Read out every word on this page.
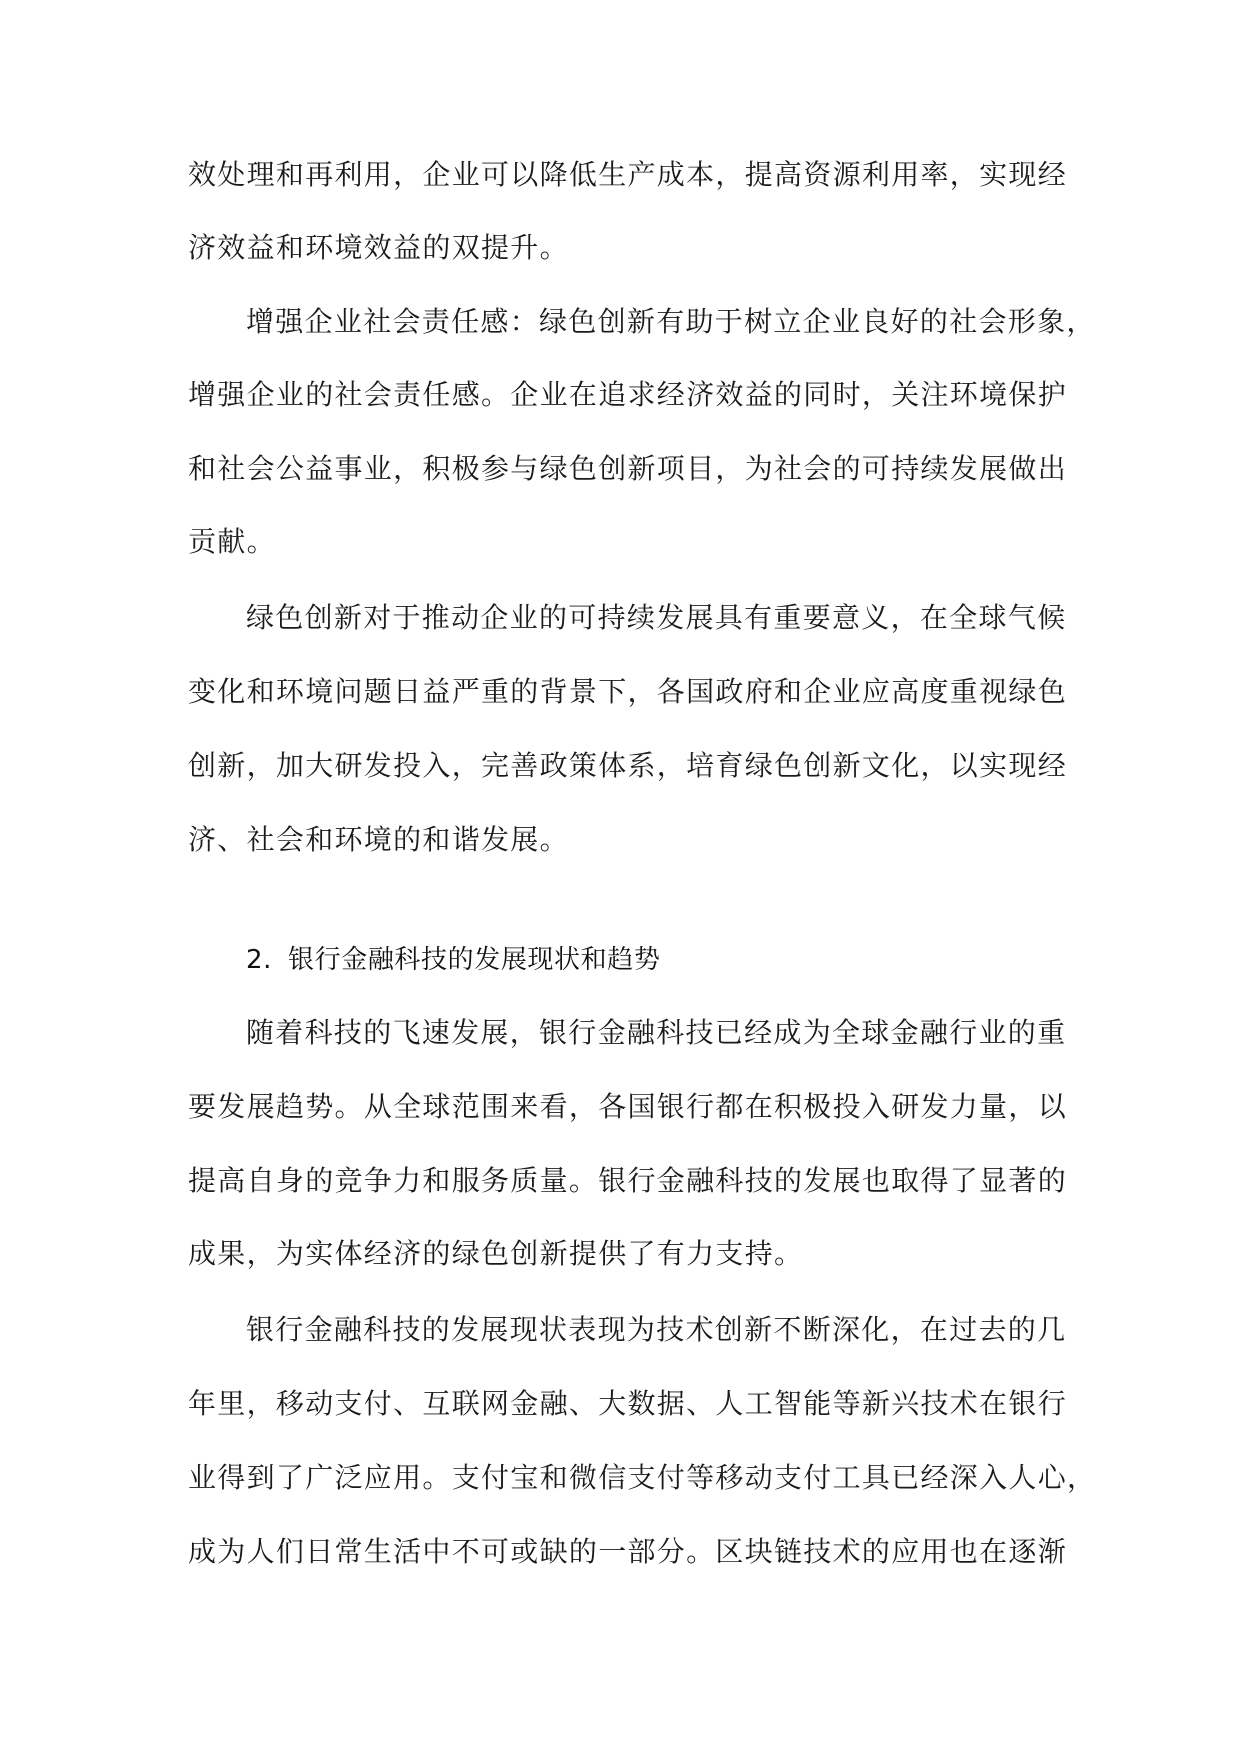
效处理和再利用，企业可以降低生产成本，提高资源利用率，实现经
济效益和环境效益的双提升。
增强企业社会责任感：绿色创新有助于树立企业良好的社会形象，
增强企业的社会责任感。企业在追求经济效益的同时，关注环境保护
和社会公益事业，积极参与绿色创新项目，为社会的可持续发展做出
贡献。
绿色创新对于推动企业的可持续发展具有重要意义，在全球气候
变化和环境问题日益严重的背景下，各国政府和企业应高度重视绿色
创新，加大研发投入，完善政策体系，培育绿色创新文化，以实现经
济、社会和环境的和谐发展。
2. 银行金融科技的发展现状和趋势
随着科技的飞速发展，银行金融科技已经成为全球金融行业的重
要发展趋势。从全球范围来看，各国银行都在积极投入研发力量，以
提高自身的竞争力和服务质量。银行金融科技的发展也取得了显著的
成果，为实体经济的绿色创新提供了有力支持。
银行金融科技的发展现状表现为技术创新不断深化，在过去的几
年里，移动支付、互联网金融、大数据、人工智能等新兴技术在银行
业得到了广泛应用。支付宝和微信支付等移动支付工具已经深入人心，
成为人们日常生活中不可或缺的一部分。区块链技术的应用也在逐渐
